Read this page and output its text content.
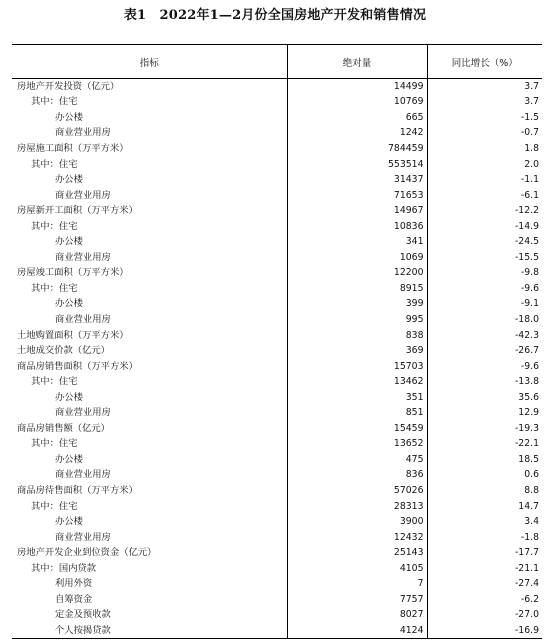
表1　2022年1—2月份全国房地产开发和销售情况
指标	绝对量	同比增长（%）
房地产开发投资（亿元）	14499	3.7
其中：住宅	10769	3.7
办公楼	665	-1.5
商业营业用房	1242	-0.7
房屋施工面积（万平方米）	784459	1.8
其中：住宅	553514	2.0
办公楼	31437	-1.1
商业营业用房	71653	-6.1
房屋新开工面积（万平方米）	14967	-12.2
其中：住宅	10836	-14.9
办公楼	341	-24.5
商业营业用房	1069	-15.5
房屋竣工面积（万平方米）	12200	-9.8
其中：住宅	8915	-9.6
办公楼	399	-9.1
商业营业用房	995	-18.0
土地购置面积（万平方米）	838	-42.3
土地成交价款（亿元）	369	-26.7
商品房销售面积（万平方米）	15703	-9.6
其中：住宅	13462	-13.8
办公楼	351	35.6
商业营业用房	851	12.9
商品房销售额（亿元）	15459	-19.3
其中：住宅	13652	-22.1
办公楼	475	18.5
商业营业用房	836	0.6
商品房待售面积（万平方米）	57026	8.8
其中：住宅	28313	14.7
办公楼	3900	3.4
商业营业用房	12432	-1.8
房地产开发企业到位资金（亿元）	25143	-17.7
其中：国内贷款	4105	-21.1
利用外资	7	-27.4
自筹资金	7757	-6.2
定金及预收款	8027	-27.0
个人按揭贷款	4124	-16.9
